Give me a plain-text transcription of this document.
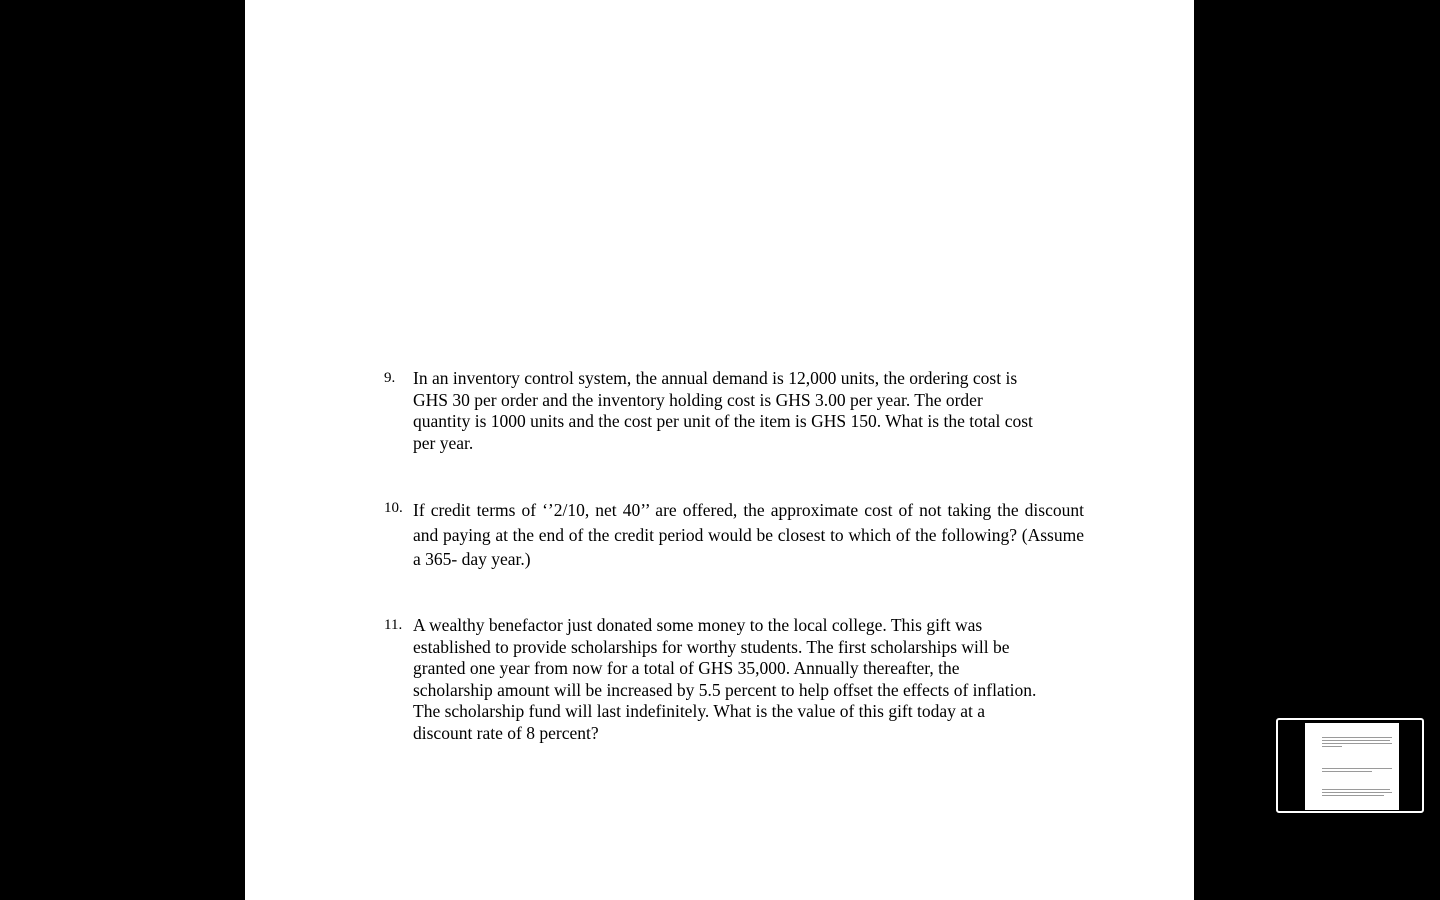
9. In an inventory control system, the annual demand is 12,000 units, the ordering cost is
GHS 30 per order and the inventory holding cost is GHS 3.00 per year. The order
quantity is 1000 units and the cost per unit of the item is GHS 150. What is the total cost
per year.
10. If credit terms of ‘’2/10, net 40’’ are offered, the approximate cost of not taking the discount and paying at the end of the credit period would be closest to which of the following? (Assume a 365- day year.)
11. A wealthy benefactor just donated some money to the local college. This gift was
established to provide scholarships for worthy students. The first scholarships will be
granted one year from now for a total of GHS 35,000. Annually thereafter, the
scholarship amount will be increased by 5.5 percent to help offset the effects of inflation.
The scholarship fund will last indefinitely. What is the value of this gift today at a
discount rate of 8 percent?
